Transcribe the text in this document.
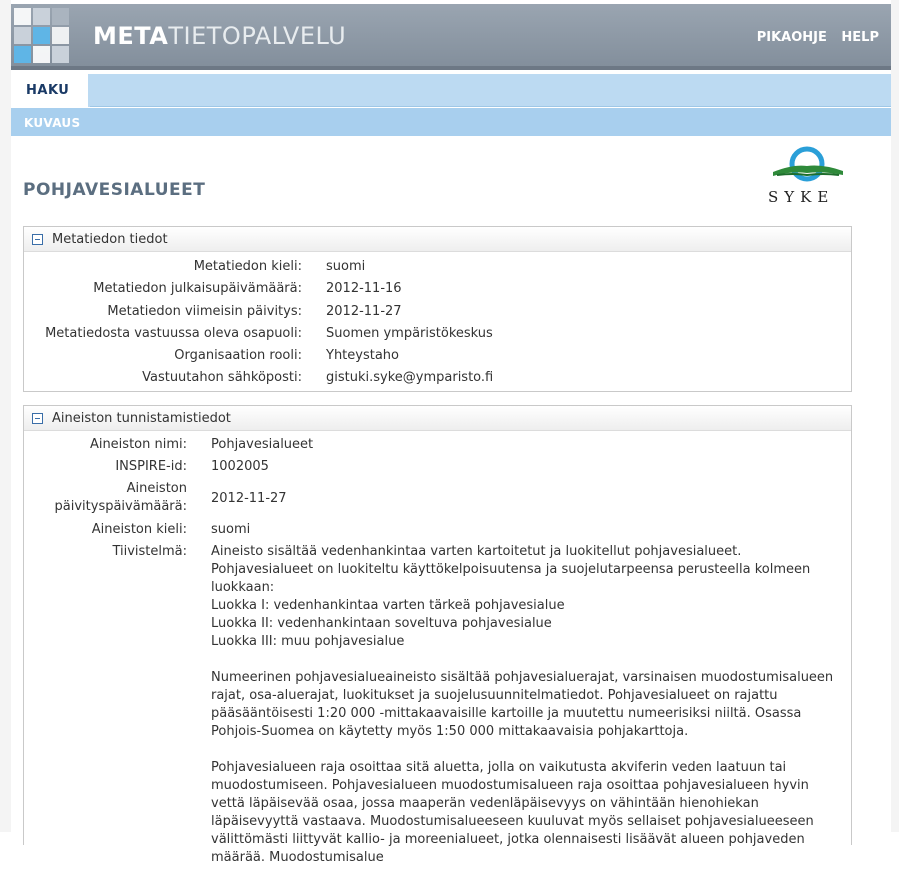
METATIETOPALVELU	PIKAOHJE HELP
HAKU
KUVAUS
POHJAVESIALUEET	SYKE
Metatiedon tiedot
Metatiedon kieli: suomi
Metatiedon julkaisupäivämäärä: 2012-11-16
Metatiedon viimeisin päivitys: 2012-11-27
Metatiedosta vastuussa oleva osapuoli: Suomen ympäristökeskus
Organisaation rooli: Yhteystaho
Vastuutahon sähköposti: gistuki.syke@ymparisto.fi
Aineiston tunnistamistiedot
Aineiston nimi: Pohjavesialueet
INSPIRE-id: 1002005
Aineiston
päivityspäivämäärä:
2012-11-27
Aineiston kieli: suomi
Tiivistelmä: Aineisto sisältää vedenhankintaa varten kartoitetut ja luokitellut pohjavesialueet. Pohjavesialueet on luokiteltu käyttökelpoisuutensa ja suojelutarpeensa perusteella kolmeen luokkaan:
Luokka I: vedenhankintaa varten tärkeä pohjavesialue
Luokka II: vedenhankintaan soveltuva pohjavesialue
Luokka III: muu pohjavesialue
Numeerinen pohjavesialueaineisto sisältää pohjavesialuerajat, varsinaisen muodostumisalueen rajat, osa-aluerajat, luokitukset ja suojelusuunnitelmatiedot. Pohjavesialueet on rajattu pääsääntöisesti 1:20 000 -mittakaavaisille kartoille ja muutettu numeerisiksi niiltä. Osassa Pohjois-Suomea on käytetty myös 1:50 000 mittakaavaisia pohjakarttoja.
Pohjavesialueen raja osoittaa sitä aluetta, jolla on vaikutusta akviferin veden laatuun tai muodostumiseen. Pohjavesialueen muodostumisalueen raja osoittaa pohjavesialueen hyvin vettä läpäisevää osaa, jossa maaperän vedenläpäisevyys on vähintään hienohiekan läpäisevyyttä vastaava. Muodostumisalueeseen kuuluvat myös sellaiset pohjavesialueeseen välittömästi liittyvät kallio- ja moreenialueet, jotka olennaisesti lisäävät alueen pohjaveden määrää. Muodostumisalue
